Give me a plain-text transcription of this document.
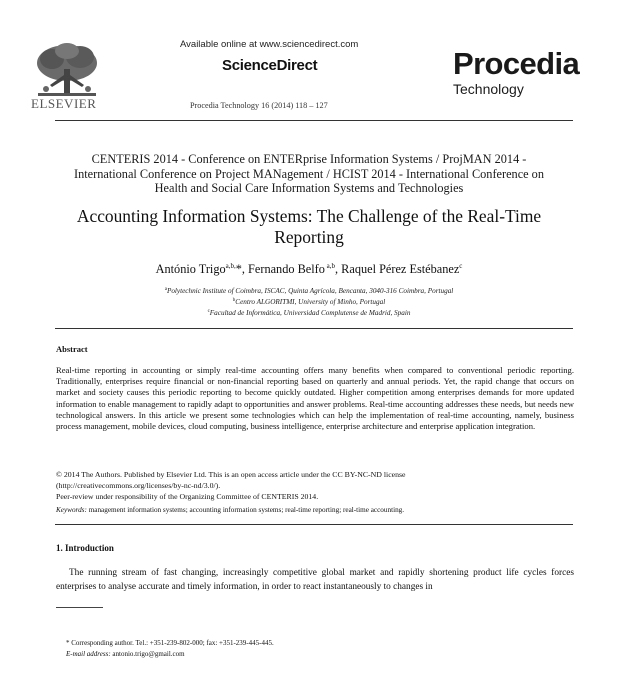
ELSEVIER
Available online at www.sciencedirect.com
ScienceDirect
Procedia Technology 16 (2014) 118 – 127
Procedia
Technology
CENTERIS 2014 - Conference on ENTERprise Information Systems / ProjMAN 2014 -
International Conference on Project MANagement / HCIST 2014 - International Conference on
Health and Social Care Information Systems and Technologies
Accounting Information Systems: The Challenge of the Real-Time
Reporting
António Trigo$^{a,b,}$*, Fernando Belfo $^{a,b}$, Raquel Pérez Estébanez$^c$
$^a$Polytechnic Institute of Coimbra, ISCAC, Quinta Agrícola, Bencanta, 3040-316 Coimbra, Portugal
$^b$Centro ALGORITMI, University of Minho, Portugal
$^c$Facultad de Informática, Universidad Complutense de Madrid, Spain
Abstract
Real-time reporting in accounting or simply real-time accounting offers many benefits when compared to conventional periodic reporting. Traditionally, enterprises require financial or non-financial reporting based on quarterly and annual periods. Yet, the rapid change that occurs on market and society causes this periodic reporting to become quickly outdated. Higher competition among enterprises demands for more updated information to enable management to rapidly adapt to opportunities and answer problems. Real-time accounting addresses these needs, but needs new technological answers. In this article we present some technologies which can help the implementation of real-time accounting, namely, business process management, mobile devices, cloud computing, business intelligence, enterprise architecture and enterprise application integration.
© 2014 The Authors. Published by Elsevier Ltd. This is an open access article under the CC BY-NC-ND license
(http://creativecommons.org/licenses/by-nc-nd/3.0/).
Peer-review under responsibility of the Organizing Committee of CENTERIS 2014.
Keywords: management information systems; accounting information systems; real-time reporting; real-time accounting.
1. Introduction
The running stream of fast changing, increasingly competitive global market and rapidly shortening product life cycles forces enterprises to analyse accurate and timely information, in order to react instantaneously to changes in
* Corresponding author. Tel.: +351-239-802-000; fax: +351-239-445-445.
E-mail address: antonio.trigo@gmail.com
